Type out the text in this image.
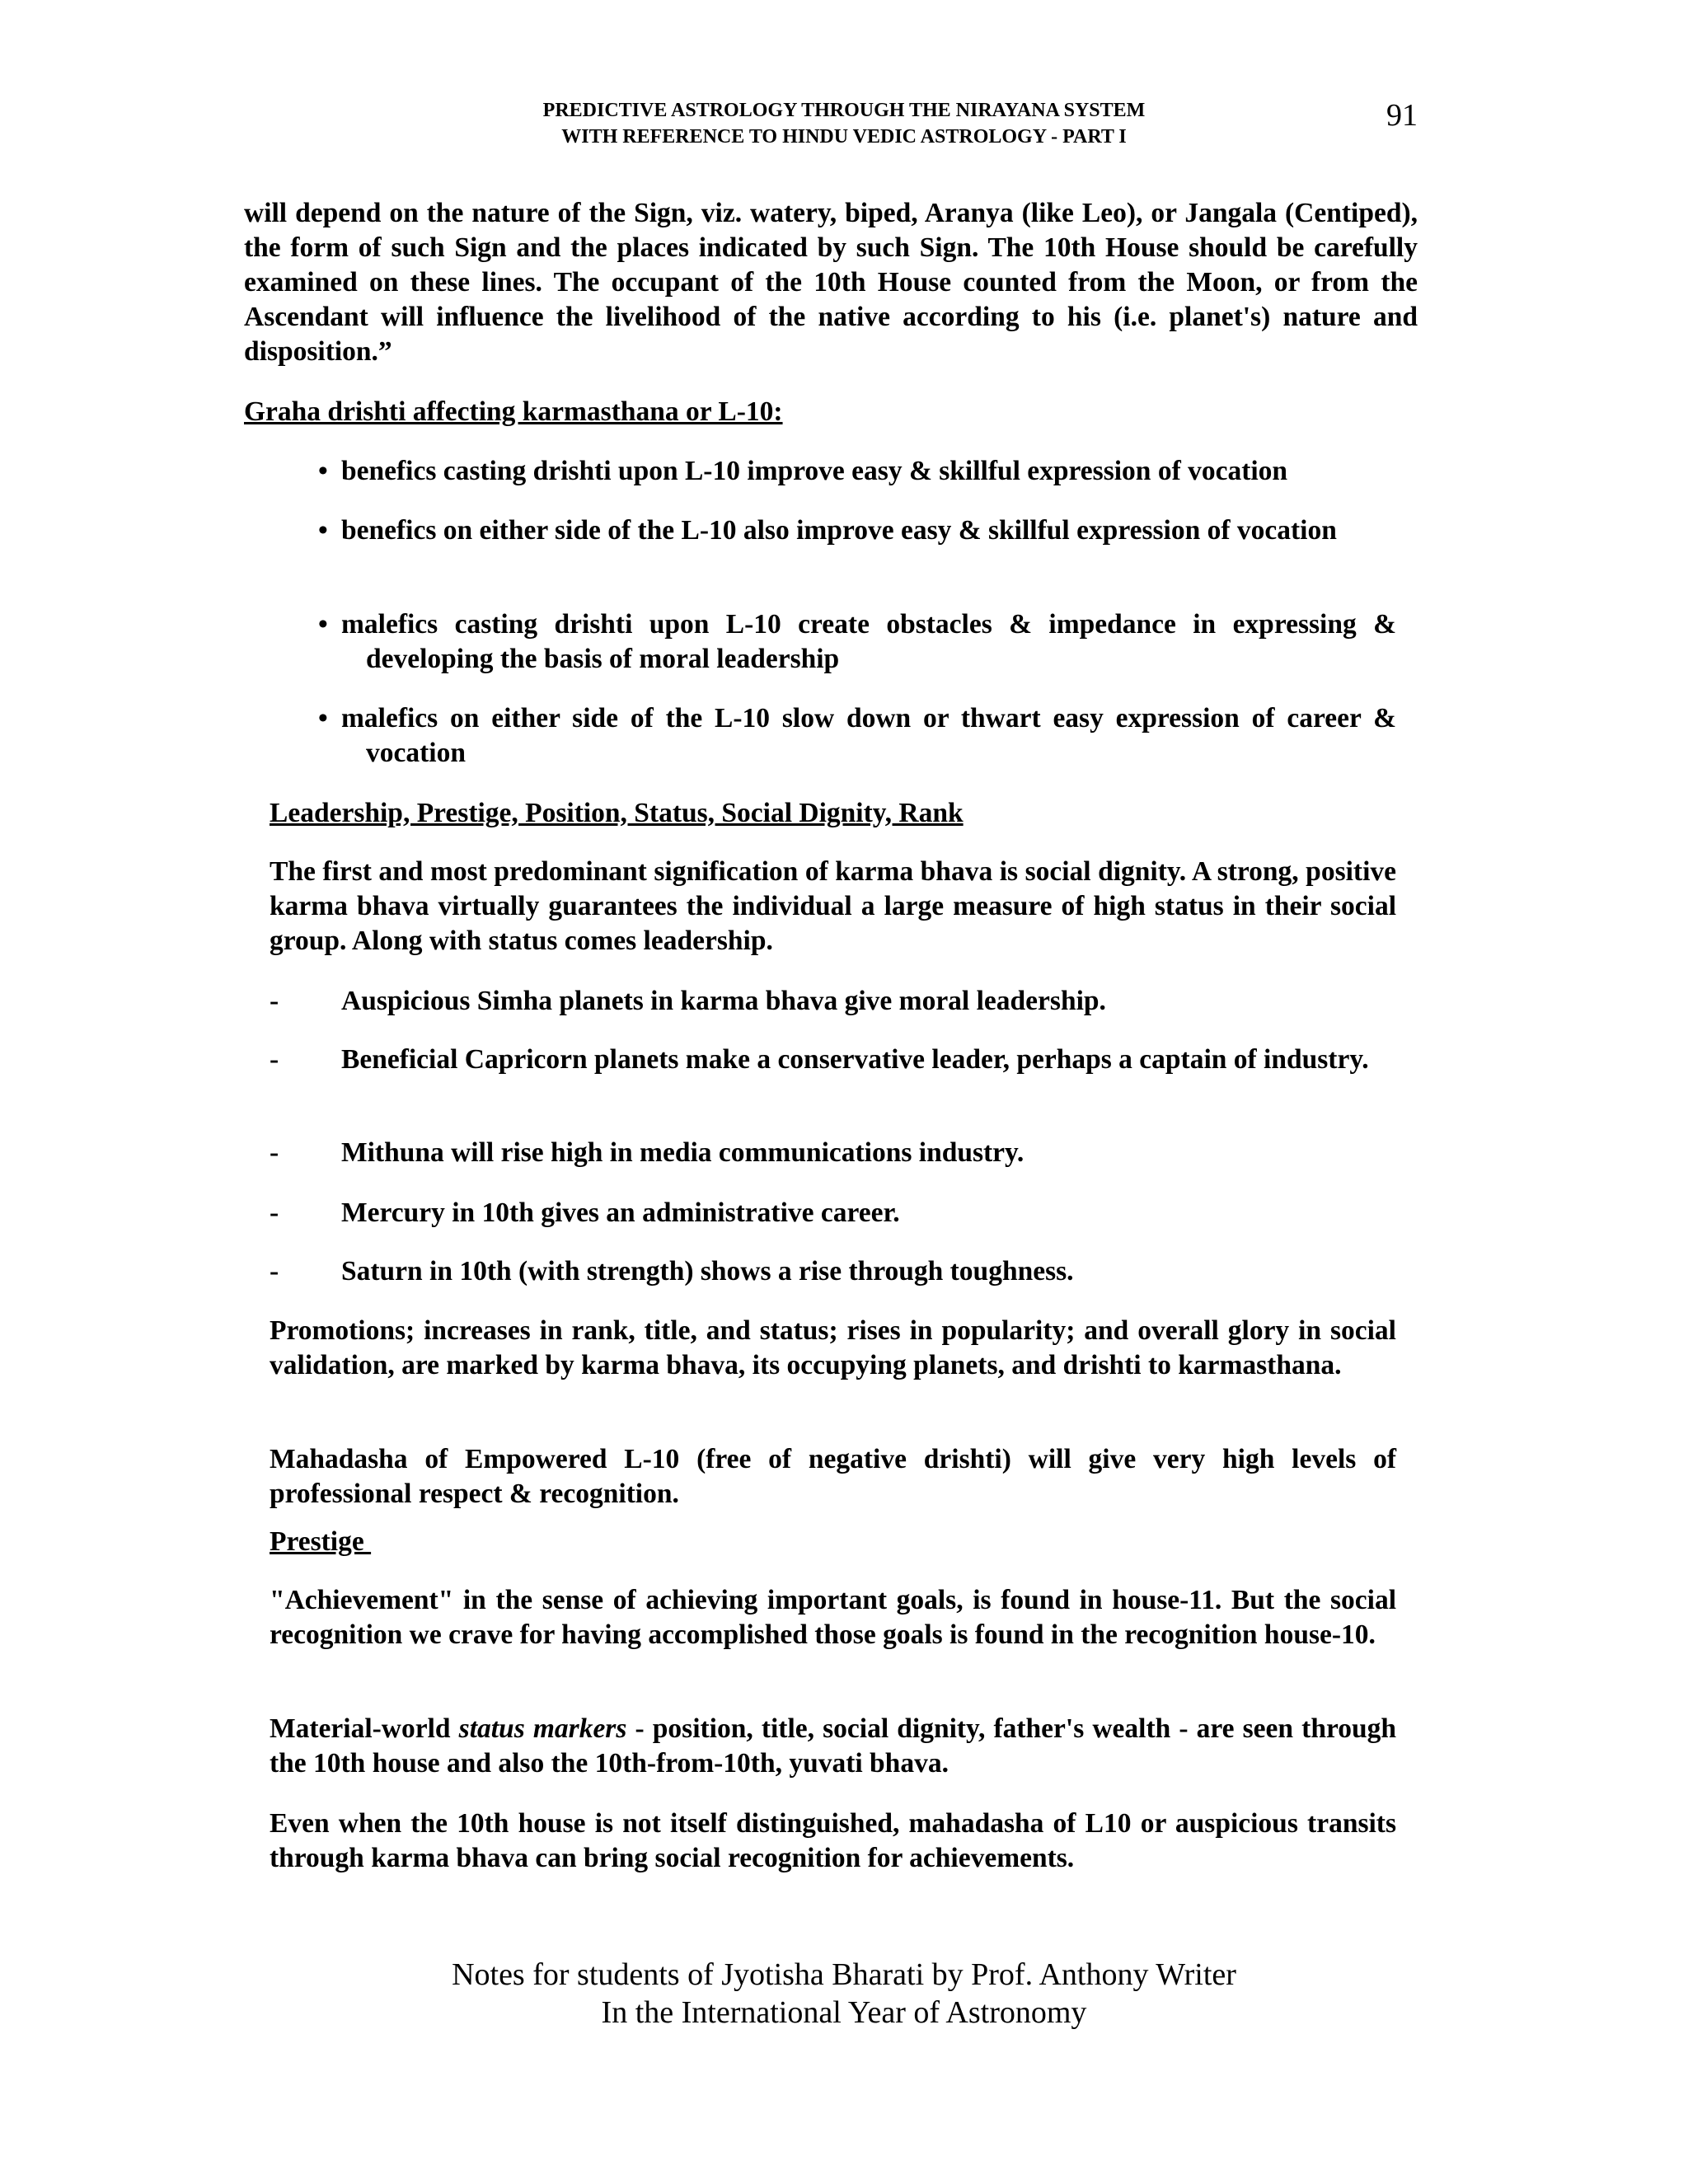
PREDICTIVE ASTROLOGY THROUGH THE NIRAYANA SYSTEM
WITH REFERENCE TO HINDU VEDIC ASTROLOGY - PART I
91

will depend on the nature of the Sign, viz. watery, biped, Aranya (like Leo), or Jangala (Centiped), the form of such Sign and the places indicated by such Sign. The 10th House should be carefully examined on these lines. The occupant of the 10th House counted from the Moon, or from the Ascendant will influence the livelihood of the native according to his (i.e. planet's) nature and disposition.”

Graha drishti affecting karmasthana or L-10:

• benefics casting drishti upon L-10 improve easy & skillful expression of vocation

• benefics on either side of the L-10 also improve easy & skillful expression of vocation

• malefics casting drishti upon L-10 create obstacles & impedance in expressing & developing the basis of moral leadership

• malefics on either side of the L-10 slow down or thwart easy expression of career & vocation

Leadership, Prestige, Position, Status, Social Dignity, Rank

The first and most predominant signification of karma bhava is social dignity. A strong, positive karma bhava virtually guarantees the individual a large measure of high status in their social group. Along with status comes leadership.

- Auspicious Simha planets in karma bhava give moral leadership.

- Beneficial Capricorn planets make a conservative leader, perhaps a captain of industry.

- Mithuna will rise high in media communications industry.

- Mercury in 10th gives an administrative career.

- Saturn in 10th (with strength) shows a rise through toughness.

Promotions; increases in rank, title, and status; rises in popularity; and overall glory in social validation, are marked by karma bhava, its occupying planets, and drishti to karmasthana.

Mahadasha of Empowered L-10 (free of negative drishti) will give very high levels of professional respect & recognition.

Prestige

"Achievement" in the sense of achieving important goals, is found in house-11. But the social recognition we crave for having accomplished those goals is found in the recognition house-10.

Material-world status markers - position, title, social dignity, father's wealth - are seen through the 10th house and also the 10th-from-10th, yuvati bhava.

Even when the 10th house is not itself distinguished, mahadasha of L10 or auspicious transits through karma bhava can bring social recognition for achievements.

Notes for students of Jyotisha Bharati by Prof. Anthony Writer
In the International Year of Astronomy
